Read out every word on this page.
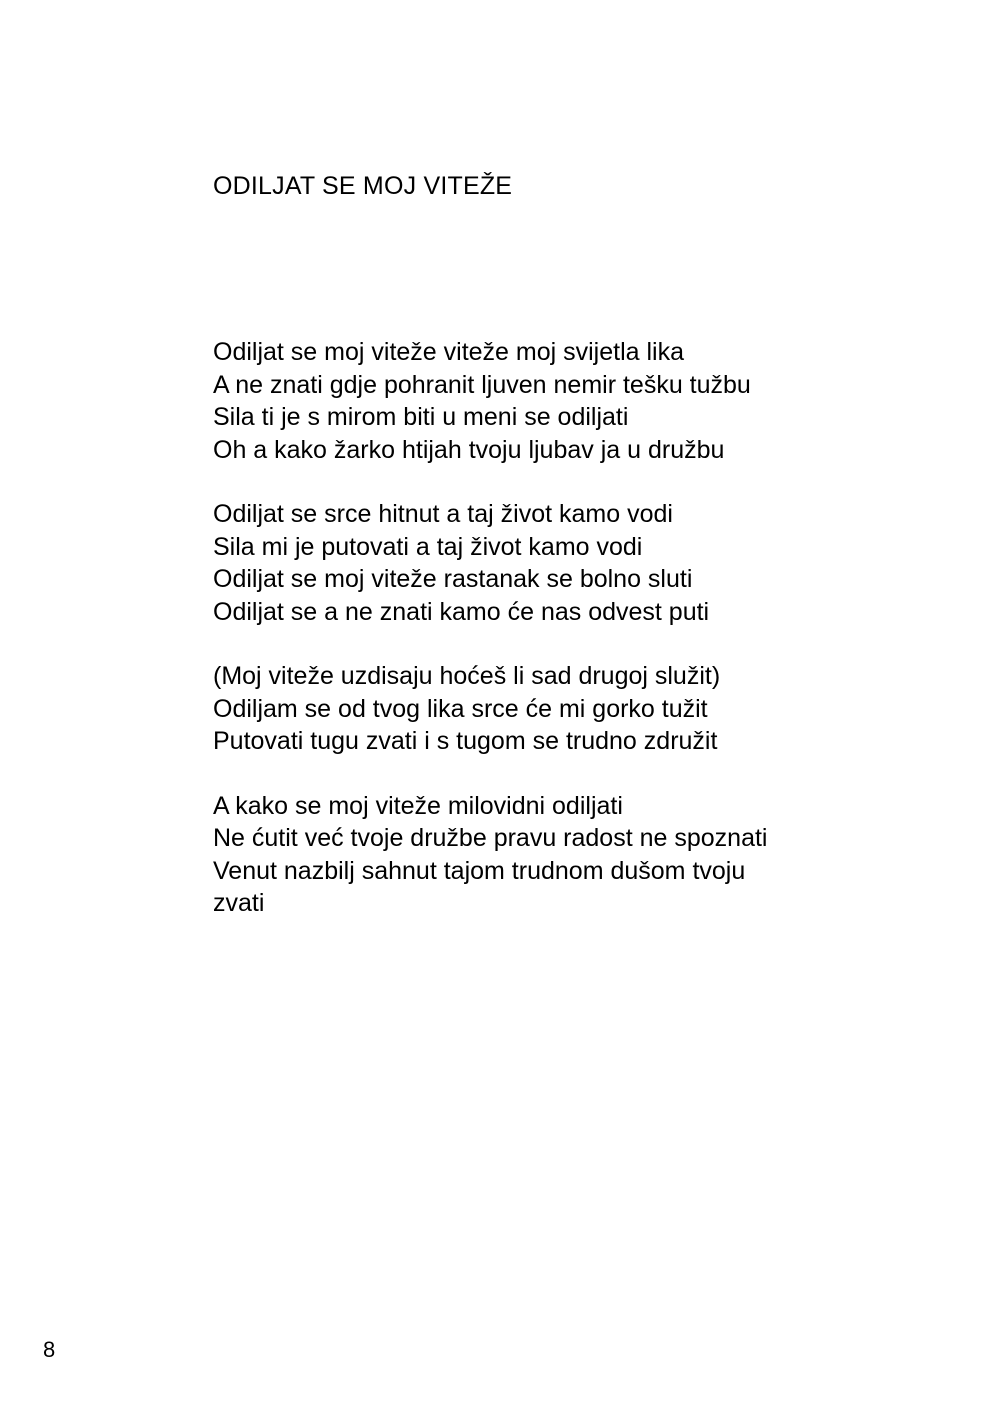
ODILJAT SE MOJ VITEŽE
Odiljat se moj viteže viteže moj svijetla lika
A ne znati gdje pohranit ljuven nemir tešku tužbu
Sila ti je s mirom biti u meni se odiljati
Oh a kako žarko htijah tvoju ljubav ja u družbu
Odiljat se srce hitnut a taj život kamo vodi
Sila mi je putovati a taj život kamo vodi
Odiljat se moj viteže rastanak se bolno sluti
Odiljat se a ne znati kamo će nas odvest puti
(Moj viteže uzdisaju hoćeš li sad drugoj služit)
Odiljam se od tvog lika srce će mi gorko tužit
Putovati tugu zvati i s tugom se trudno združit
A kako se moj viteže milovidni odiljati
Ne ćutit već tvoje družbe pravu radost ne spoznati
Venut nazbilj sahnut tajom trudnom dušom tvoju
zvati
8
